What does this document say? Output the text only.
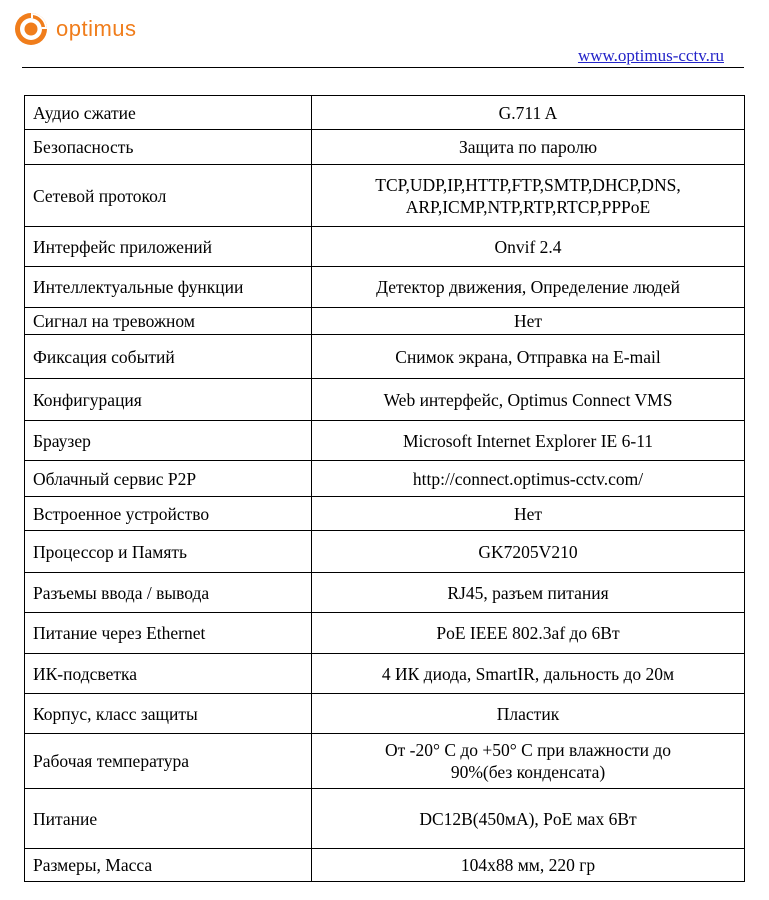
optimus
www.optimus-cctv.ru
Аудио сжатие	G.711 A
Безопасность	Защита по паролю
Сетевой протокол	TCP,UDP,IP,HTTP,FTP,SMTP,DHCP,DNS,
ARP,ICMP,NTP,RTP,RTCP,PPPoE
Интерфейс приложений	Onvif 2.4
Интеллектуальные функции	Детектор движения, Определение людей
Сигнал на тревожном	Нет
Фиксация событий	Снимок экрана, Отправка на E-mail
Конфигурация	Web интерфейс, Optimus Connect VMS
Браузер	Microsoft Internet Explorer IE 6-11
Облачный сервис P2P	http://connect.optimus-cctv.com/
Встроенное устройство	Нет
Процессор и Память	GK7205V210
Разъемы ввода / вывода	RJ45, разъем питания
Питание через Ethernet	PoE IEEE 802.3af до 6Вт
ИК-подсветка	4 ИК диода, SmartIR, дальность до 20м
Корпус, класс защиты	Пластик
Рабочая температура	От -20° С до +50° С при влажности до
90%(без конденсата)
Питание	DC12В(450мА), PoE мах 6Вт
Размеры, Масса	104x88 мм, 220 гр
